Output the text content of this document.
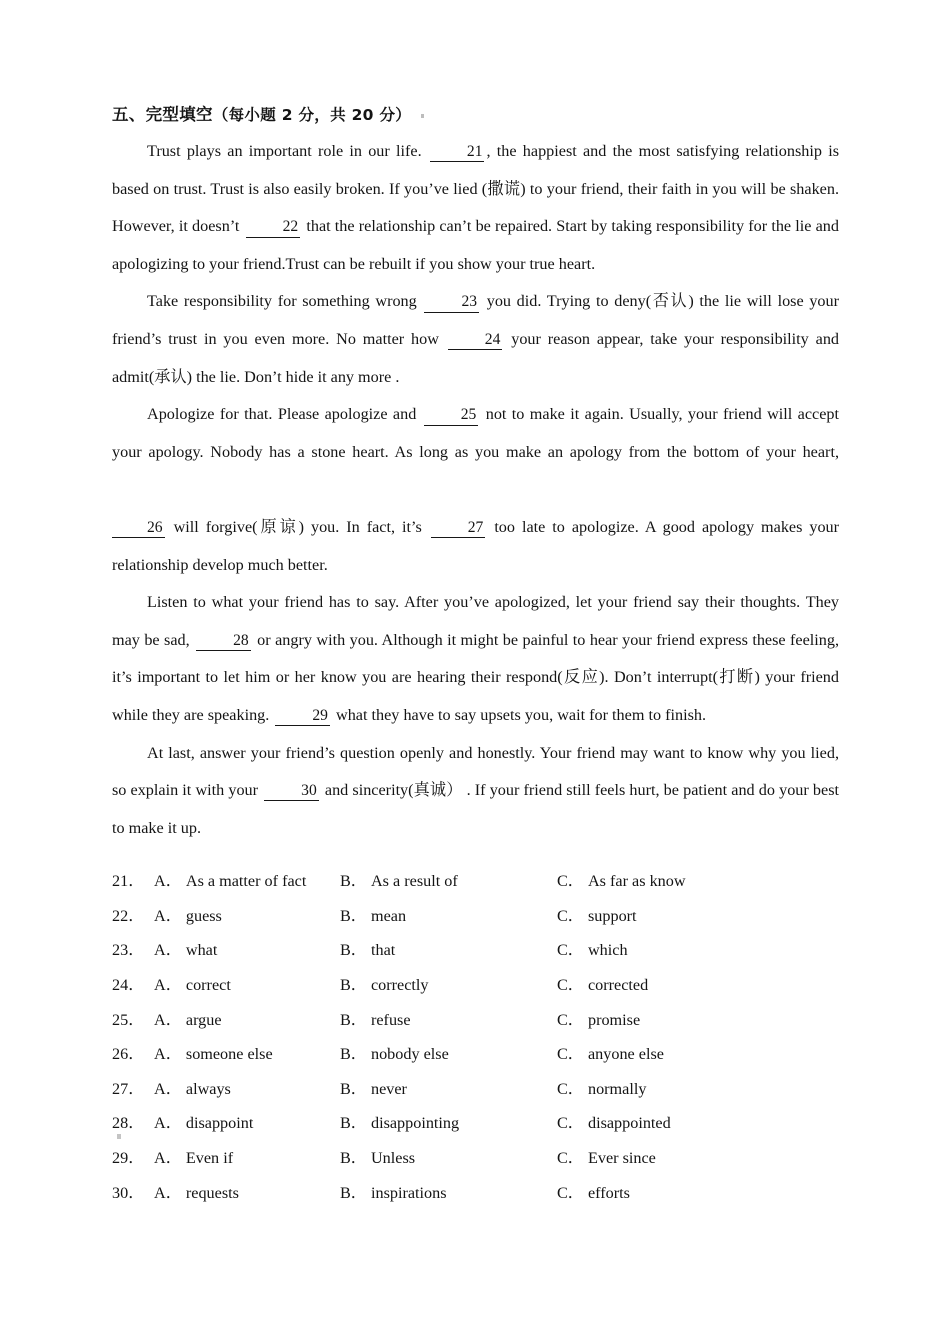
五、完型填空（每小题 2 分，共 20 分）

Trust plays an important role in our life.	21 , the happiest and the most satisfying relationship is based on trust. Trust is also easily broken. If you’ve lied (撒谎) to your friend, their faith in you will be shaken. However, it doesn’t	22 that the relationship can’t be repaired. Start by taking responsibility for the lie and apologizing to your friend.Trust can be rebuilt if you show your true heart.

Take responsibility for something wrong	23 you did. Trying to deny(否认) the lie will lose your friend’s trust in you even more. No matter how	24 your reason appear, take your responsibility and admit(承认) the lie. Don’t hide it any more .

Apologize for that. Please apologize and	25 not to make it again. Usually, your friend will accept your apology. Nobody has a stone heart. As long as you make an apology from the bottom of your heart,26 will forgive(原谅) you. In fact, it’s	27 too late to apologize. A good apology makes your relationship develop much better.

Listen to what your friend has to say. After you’ve apologized, let your friend say their thoughts. They may be sad,	28 or angry with you. Although it might be painful to hear your friend express these feeling, it’s important to let him or her know you are hearing their respond(反应). Don’t interrupt(打断) your friend while they are speaking.	29 what they have to say upsets you, wait for them to finish.

At last, answer your friend’s question openly and honestly. Your friend may want to know why you lied, so explain it with your	30 and sincerity(真诚） . If your friend still feels hurt, be patient and do your best to make it up.

21． A． As a matter of fact B． As a result of	C． As far as know
22． A． guess	B． mean	C． support
23． A． what	B． that	C． which
24． A． correct	B． correctly	C． corrected
25． A． argue	B． refuse	C． promise
26． A． someone else	B． nobody else	C． anyone else
27． A． always	B． never	C． normally
28． A． disappoint	B． disappointing	C． disappointed
29． A． Even if	B． Unless	C． Ever since
30． A． requests	B． inspirations	C． efforts
